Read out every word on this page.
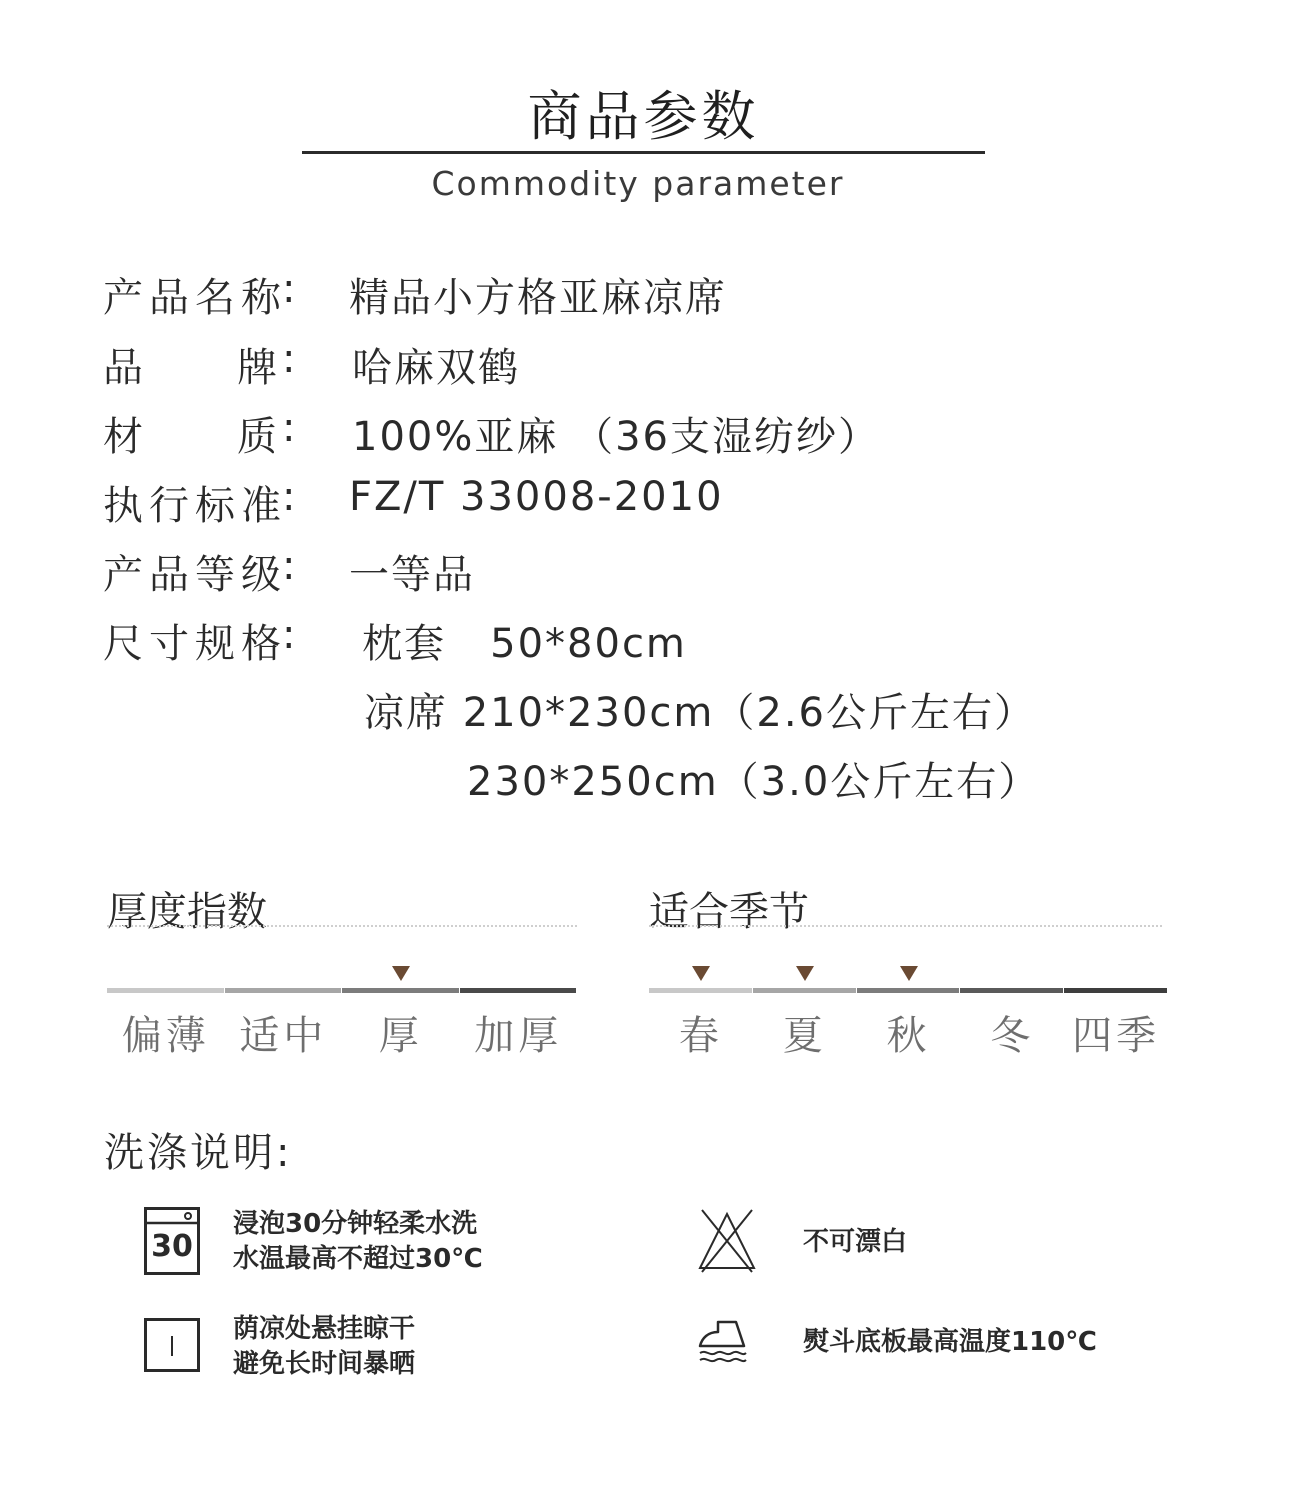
商品参数
Commodity parameter
产品名称
: 精品小方格亚麻凉席
品 牌 : 哈麻双鹤
材 质 : 100%亚麻 （36支湿纺纱）
执行标准
: FZ/T 33008-2010
产品等级
: 一等品
尺寸规格
: 枕套   50*80cm
凉席 210*230cm（2.6公斤左右）
230*250cm（3.0公斤左右）
厚度指数
偏薄 适中	厚	加厚
适合季节
春	夏	秋	冬 四季
洗涤说明:
30
浸泡30分钟轻柔水洗
水温最高不超过30℃
不可漂白
荫凉处悬挂晾干
避免长时间暴晒
熨斗底板最高温度110℃
